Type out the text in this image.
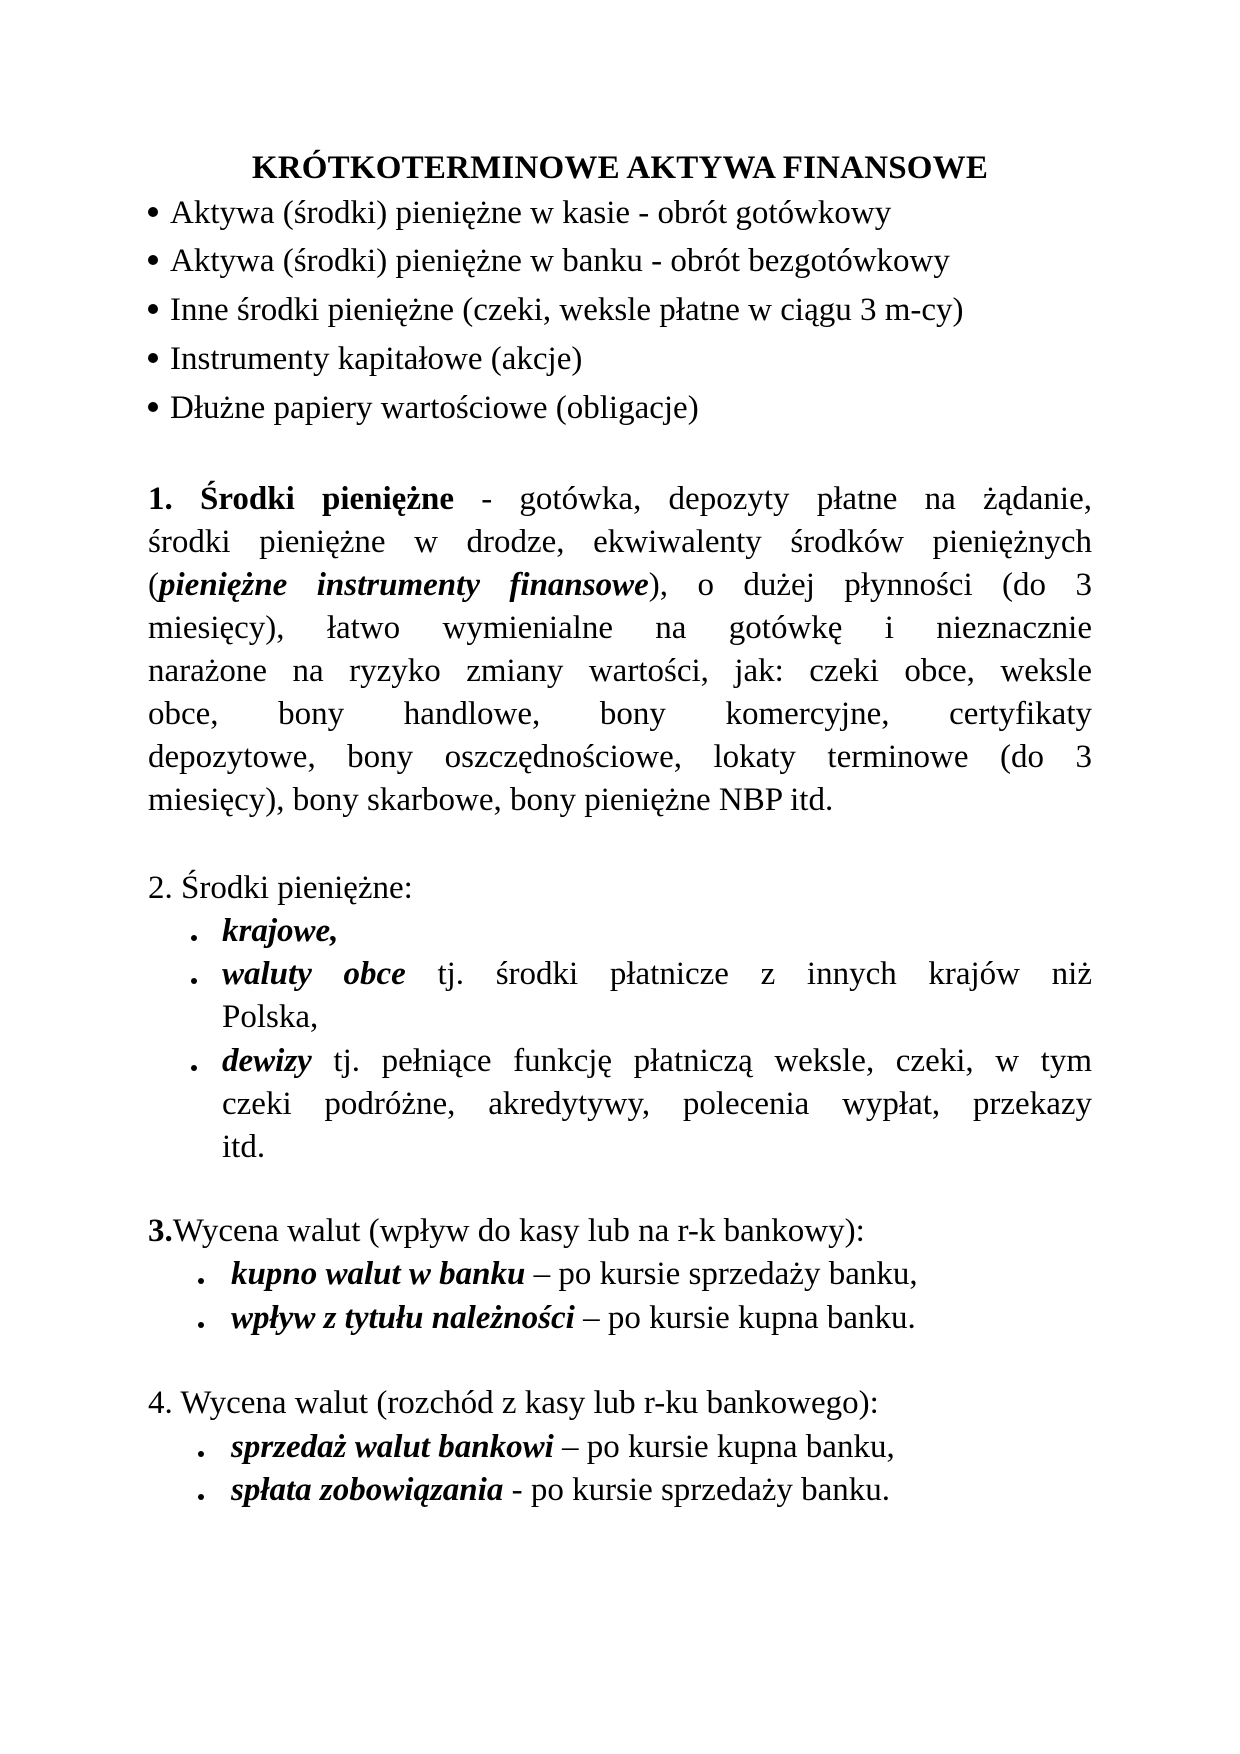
KRÓTKOTERMINOWE AKTYWA FINANSOWE
Aktywa (środki) pieniężne w kasie - obrót gotówkowy
Aktywa (środki) pieniężne w banku - obrót bezgotówkowy
Inne środki pieniężne (czeki, weksle płatne w ciągu 3 m-cy)
Instrumenty kapitałowe (akcje)
Dłużne papiery wartościowe (obligacje)
1. Środki pieniężne - gotówka, depozyty płatne na żądanie,
środki pieniężne w drodze, ekwiwalenty środków pieniężnych
(pieniężne instrumenty finansowe), o dużej płynności (do 3
miesięcy), łatwo wymienialne na gotówkę i nieznacznie
narażone na ryzyko zmiany wartości, jak: czeki obce, weksle
obce, bony handlowe, bony komercyjne, certyfikaty
depozytowe, bony oszczędnościowe, lokaty terminowe (do 3
miesięcy), bony skarbowe, bony pieniężne NBP itd.
2. Środki pieniężne:
krajowe,
waluty obce tj. środki płatnicze z innych krajów niż
Polska,
dewizy tj. pełniące funkcję płatniczą weksle, czeki, w tym
czeki podróżne, akredytywy, polecenia wypłat, przekazy
itd.
3.Wycena walut (wpływ do kasy lub na r-k bankowy):
kupno walut w banku – po kursie sprzedaży banku,
wpływ z tytułu należności – po kursie kupna banku.
4. Wycena walut (rozchód z kasy lub r-ku bankowego):
sprzedaż walut bankowi – po kursie kupna banku,
spłata zobowiązania - po kursie sprzedaży banku.
